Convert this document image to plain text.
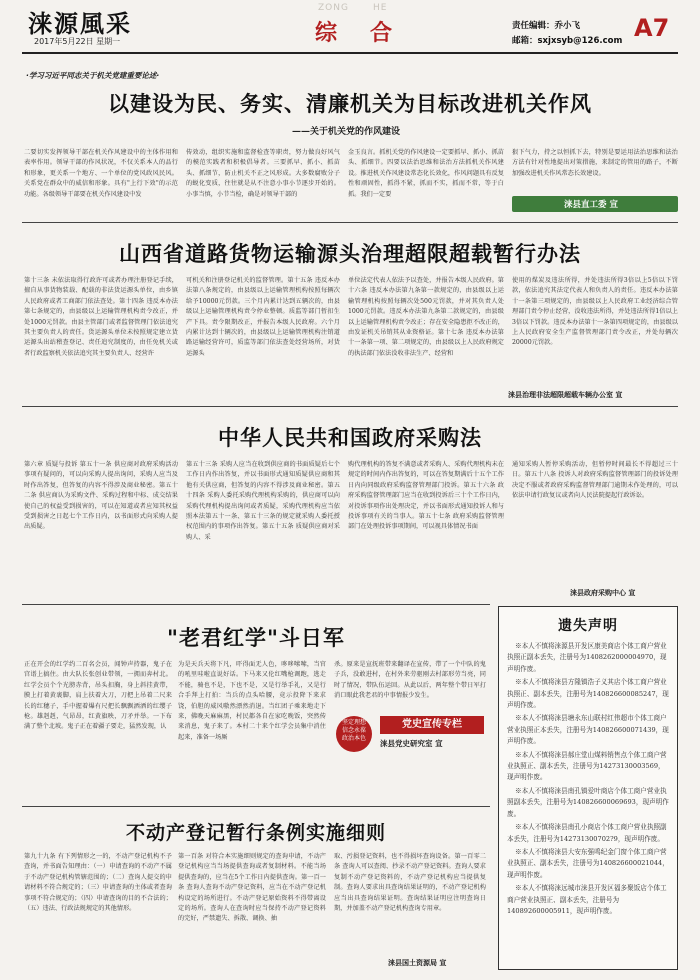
涞源風采
2017年5月22日 星期一
ZONG	HE
综 合	责任编辑：乔小飞
邮箱：sxjxsyb@126.com A7
·学习习近平同志关于机关党建重要论述·
以建设为民、务实、清廉机关为目标改进机关作风
——关于机关党的作风建设
二要切实发挥领导干部在机关作风建设中的主体作用和表率作用。领导干部的作风状况，不仅关系本人的品行和形象，更关系一个地方、一个单位的党风政风民风。关系党在群众中的威信和形象。具有"上行下效"的示范功能。各级领导干部要在机关作风建设中发
传效动，组织实施和监督检查等职责，努力做良好风气的模范实践者和积极倡导者。三要抓早、抓小、抓苗头、抓细节，防止机关不正之风形成。大多数腐败分子的蜕化变质，往往就是从不注意小事小节逐步开始的。小事当慎，小节当检，确是对领导干部的
金玉良言。抓机关党的作风建设一定要抓早、抓小、抓苗头、抓细节。四要以法治思维和法治方法抓机关作风建设。推进机关作风建设常态化长效化，作风问题具有反复性和顽固性，抓得不紧，抓而不实，抓而不常，等于白抓。我们一定要
狠下气力，持之以恒抓下去，特别是要运用法治思维和法治方法有针对性地提出对策措施，来制定的管用的路子，不断加强改进机关作风常态长效建设。
涞县直工委 宣
山西省道路货物运输源头治理超限超载暂行办法
第十三条 未依法取得行政许可或者办理注册登记手续，擅自从事货物装载、配载的非法货运源头单位，由乡镇人民政府或者工商部门依法查处。第十四条 违反本办法第七条规定的，由县级以上运输管理机构责令改正，并处1000元罚款。由县主管部门或者监督管理门依法追究其主要负责人的责任。货运源头单位未按照规定建立货运源头出站稽查登记、责任追究制度的，由任免机关或者行政监察机关依法追究其主要负责人、经营许
可机关和注册登记机关的监督管理。第十五条 违反本办法第八条规定的，由县级以上运输管理机构按照每辆次给予10000元罚款。三个月内累计达到五辆次的，由县级以上运输管理机构责令停业整顿。质监等部门暂扣生产下具。责令限期改正，并报告本级人民政府。六个月内累计达到十辆次的，由县级以上运输管理机构注销道路运输经营许可，质监等部门依法查处经营场所，对货运源头
单位法定代表人依法予以查处，并报告本级人民政府。第十六条 违反本办法第九条第一款规定的，由县级以上运输管理机构按照每辆次处500元罚款，并对其负责人处1000元罚款。违反本办法第九条第二款规定的，由县级以上运输管理机构责令改正；存在安全隐患拒不改正的，由发证机关吊销其从业资格证。第十七条 违反本办法第十一条第一项、第二项规定的，由县级以上人民政府规定的执法部门依法没收非法生产、经营和
使用的煤炭及违法所得，并处违法所得3倍以上5倍以下罚款，依法追究其法定代表人和负责人的责任。违反本办法第十一条第三项规定的，由县级以上人民政府工业经济综合管理部门责令停止经营，没收违法所得，并处违法所得1倍以上3倍以下罚款。违反本办法第十一条第四项规定的，由县级以上人民政府安全生产监督管理部门责令改正，并处每辆次20000元罚款。
涞县治理非法超限超载车辆办公室 宣
中华人民共和国政府采购法
第六章 质疑与投诉 第五十一条 供应商对政府采购活动事项有疑问的，可以向采购人提出询问，采购人应当及时作出答复，但答复的内容不得涉及商业秘密。第五十二条 供应商认为采购文件、采购过程和中标、成交结果使自己的权益受到损害的，可以在知道或者应知其权益受到损害之日起七个工作日内，以书面形式向采购人提出质疑。
第五十三条 采购人应当在收到供应商的书面质疑后七个工作日内作出答复，并以书面形式通知质疑供应商和其他有关供应商，但答复的内容不得涉及商业秘密。第五十四条 采购人委托采购代理机构采购的，供应商可以向采购代理机构提出询问或者质疑，采购代理机构应当依照本法第五十一条、第五十三条的规定就采购人委托授权范围内的事项作出答复。第五十五条 质疑供应商对采购人、采
购代理机构的答复不满意或者采购人、采购代理机构未在规定的时间内作出答复的，可以在答复期满后十五个工作日内向同级政府采购监督管理部门投诉。第五十六条 政府采购监督管理部门应当在收到投诉后三十个工作日内，对投诉事项作出处理决定，并以书面形式通知投诉人和与投诉事项有关的当事人。第五十七条 政府采购监督管理部门在处理投诉事项期间，可以视具体情况书面
通知采购人暂停采购活动，但暂停时间最长不得超过三十日。第五十八条 投诉人对政府采购监督管理部门的投诉处理决定不服或者政府采购监督管理部门逾期未作处理的，可以依法申请行政复议或者向人民法院提起行政诉讼。
涞县政府采购中心 宣
"老君红学"斗日军
正在开会的红学约二百名会员，闻钟声持器，鬼子在宫谱上搞住。由大队长张创业带领，一拥而奔村北。红学会员个个光膀赤背，吊头扣胸，身上斜挂黄带，膜上打着黄裹脚，肩上扶着大刀，刀把上吊着二尺来长的红穗子，手中握着爆有尺把长飘飘洒洒的红缨子枪。雄赳赳，气昂昂，红黄旗映，刀矛并举。一下布满了整个北坡。鬼子正在着疆子要走，猛然发现，认
为是天兵天将下凡，吓得面无人色，哆哆嗦嗦，当官的吼里哇啦直说好话。下马来又伦红嘴枪调跑，逃走不能，骑也不是，下也不是，又是行举手礼，又是行合手拜上打拍：当兵的点头哈腰，竟示投降下来求饶，伯胆的威风嗷然漂然消退。当红团子乘来地走下来，佛晚天麻麻黑，村民都各自在家吃晚饭，突然传来消息，鬼子来了。本村二十来个红学会员集中消住起来，准备一场厮
杀。原来是宣抚班带来翻译在宣传，带了一个中队的鬼子兵，没敢进村，在村外来劳驱刚去村部形劳当亮，同时了情况，带队伍运回。从此以后，两年整个带日军打消口眼此我老君的中事情报少发生。
坚定理想信念永葆政治本色
党史宣传专栏
涞县党史研究室 宣
不动产登记暂行条例实施细则
第九十九条 有下列情形之一的，不动产登记机构不予查询，并书面告知理由：（一）申请查询的不动产不属于不动产登记机构管辖范围的；（二）查询人提交的申请材料不符合规定的；（三）申请查询的主体或者查询事项不符合规定的；（四）申请查询的目的不合法的；（五）违法、行政法规规定的其他情形。
第一百条 对符合本实施细则规定的查询申请，不动产登记机构应当当场提供查询或者复制材料。不能当场提供查询的，应当在5个工作日内提供查询。第一百一条 查询人查询不动产登记资料，应当在不动产登记机构设定的场所进行。不动产登记原始资料不得带离设定的场所。查询人在查询时应当保持不动产登记资料的完好，严禁遗失、拆散、调换、抽
取、污损登记资料，也不得损坏查询设备。第一百零二条 查询人可以查阅、抄录不动产登记资料。查询人要求复制不动产登记资料的，不动产登记机构应当提供复制。查询人要求出具查询结果证明的，不动产登记机构应当出具查询结果证明。查询结果证明应注明查询日期，并加盖不动产登记机构查询专用章。
涞县国土资源局 宣
遗失声明

※本人不慎将涞源县开发区康美商店个体工商户营业执照正副本丢失，注册号为1408262000004970，现声明作废。

※本人不慎将涞县方隆镇浩子义其店个体工商户营业执照正、副本丢失，注册号为140826600085247，现声明作废。

※本人不慎将涞县塘永东山联村红伟超市个体工商户营业执照正本丢失，注册号为140826600071439，现声明作废。

※本人不慎将涞县郝庄堂山煤料销售点个体工商户营业执照正、副本丢失，注册号为14273130003569，现声明作废。

※本人不慎将涞县南孔镇爱叶商店个体工商户营业执照副本丢失，注册号为140826600069693，现声明作废。

※本人不慎将涞县南孔小商店个体工商户营业执照副本丢失，注册号为142731300702?9，现声明作废。

※本人不慎将涞县大安东强鸣纪金门窗个体工商户营业执照正、副本丢失，注册号为140826600021044，现声明作废。

※本人不慎将涞远城市涞县开发区福多聚饭店个体工商户营业执照正、副本丢失，注册号为140892600005911，现声明作废。
